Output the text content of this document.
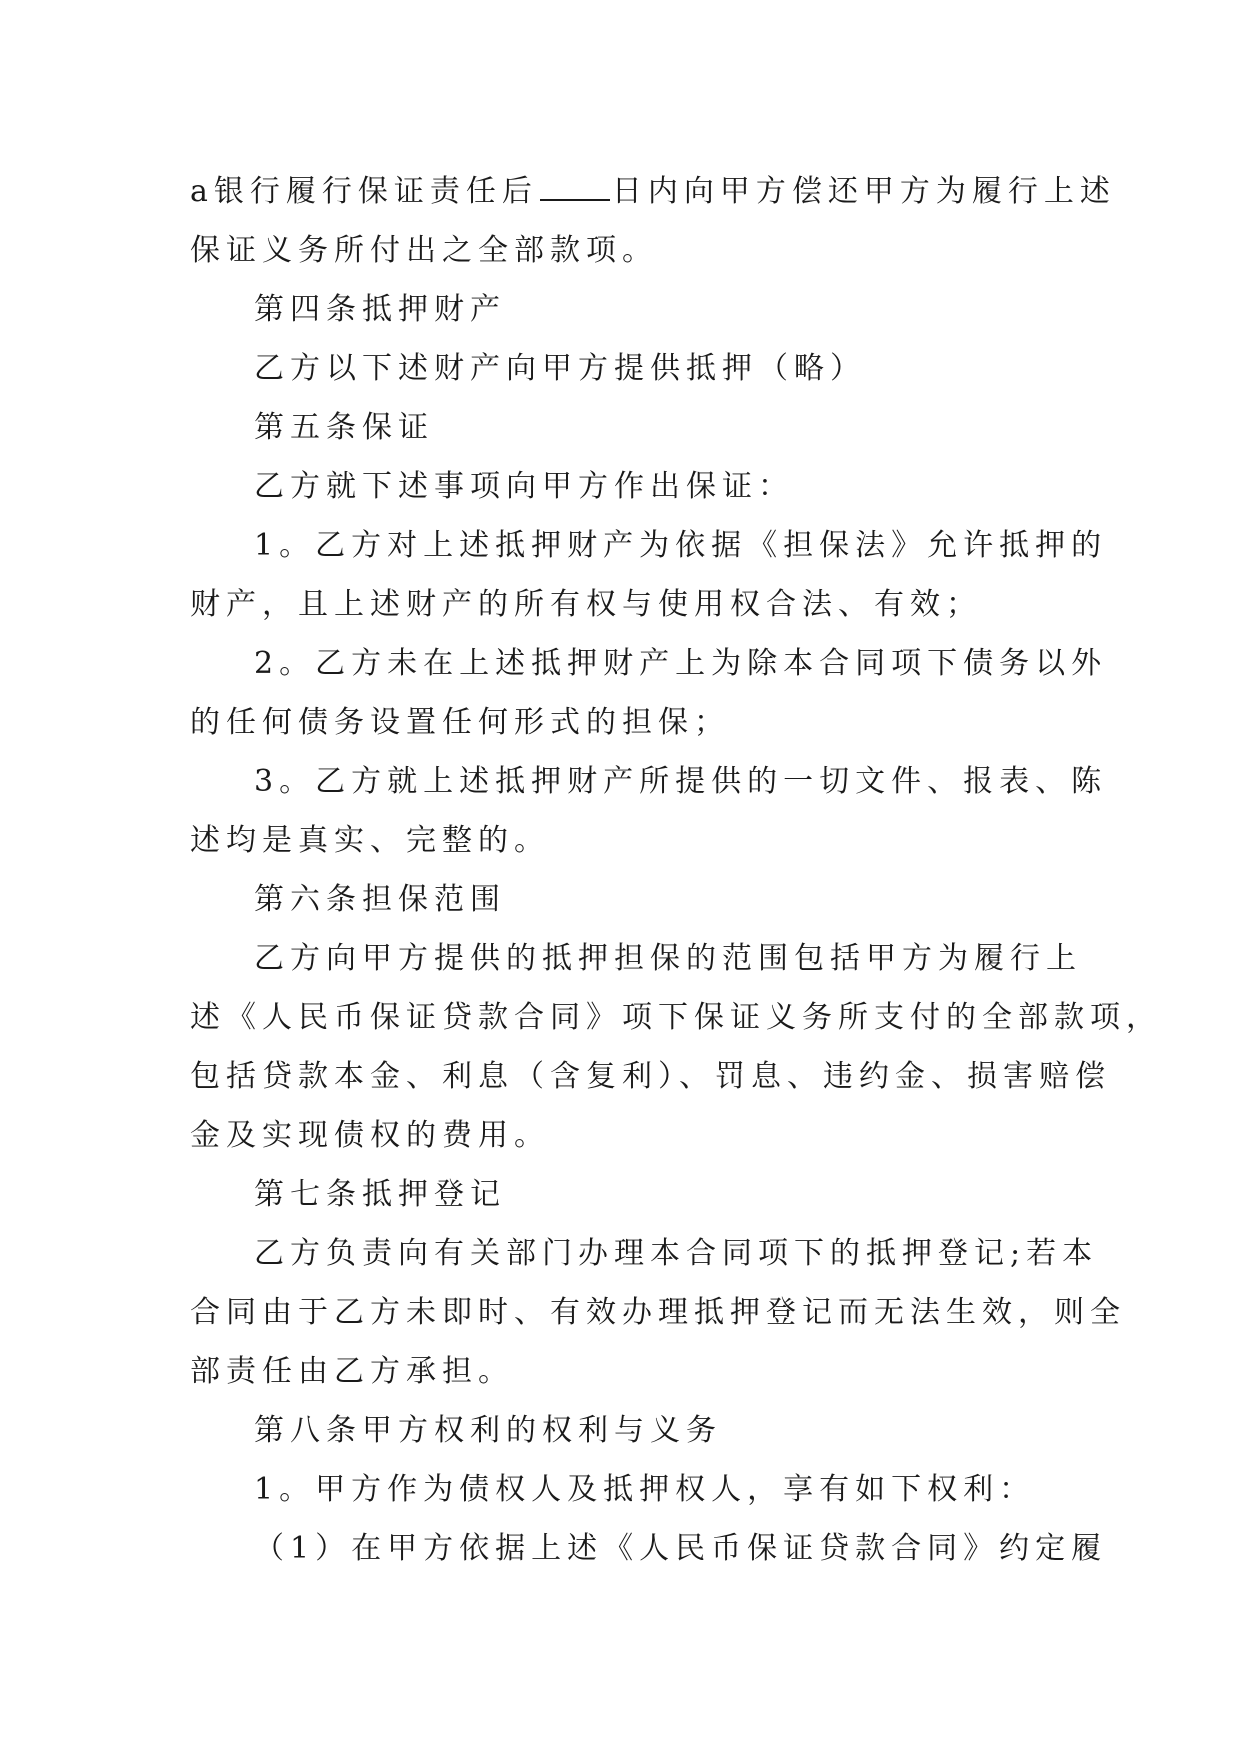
a银行履行保证责任后 日内向甲方偿还甲方为履行上述
保证义务所付出之全部款项。
第四条抵押财产
乙方以下述财产向甲方提供抵押（略）
第五条保证
乙方就下述事项向甲方作出保证：
1。乙方对上述抵押财产为依据《担保法》允许抵押的
财产，且上述财产的所有权与使用权合法、有效；
2。乙方未在上述抵押财产上为除本合同项下债务以外
的任何债务设置任何形式的担保；
3。乙方就上述抵押财产所提供的一切文件、报表、陈
述均是真实、完整的。
第六条担保范围
乙方向甲方提供的抵押担保的范围包括甲方为履行上
述《人民币保证贷款合同》项下保证义务所支付的全部款项，
包括贷款本金、利息（含复利）、罚息、违约金、损害赔偿
金及实现债权的费用。
第七条抵押登记
乙方负责向有关部门办理本合同项下的抵押登记;若本
合同由于乙方未即时、有效办理抵押登记而无法生效，则全
部责任由乙方承担。
第八条甲方权利的权利与义务
1。甲方作为债权人及抵押权人，享有如下权利：
（1）在甲方依据上述《人民币保证贷款合同》约定履
